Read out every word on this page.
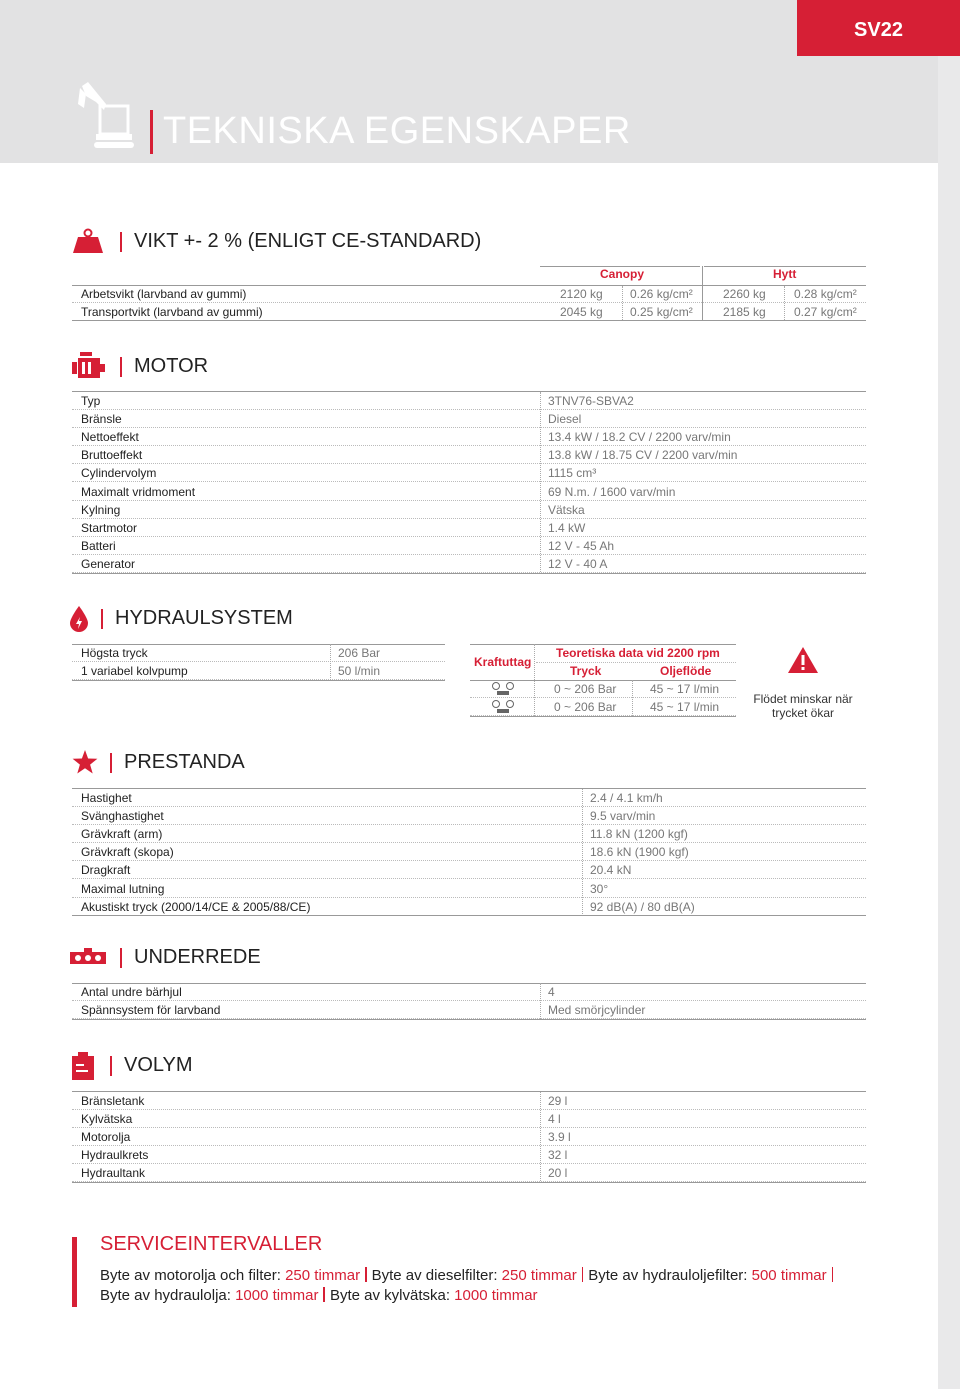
SV22
TEKNISKA EGENSKAPER
VIKT +- 2 % (ENLIGT CE-STANDARD)
Canopy	Hytt
Arbetsvikt (larvband av gummi)	2120 kg 0.26 kg/cm²	2260 kg 0.28 kg/cm²
Transportvikt (larvband av gummi)	2045 kg 0.25 kg/cm²	2185 kg 0.27 kg/cm²
MOTOR
Typ	3TNV76-SBVA2
Bränsle	Diesel
Nettoeffekt	13.4 kW / 18.2 CV / 2200 varv/min
Bruttoeffekt	13.8 kW / 18.75 CV / 2200 varv/min
Cylindervolym	1115 cm³
Maximalt vridmoment	69 N.m. / 1600 varv/min
Kylning	Vätska
Startmotor	1.4 kW
Batteri	12 V - 45 Ah
Generator	12 V - 40 A
HYDRAULSYSTEM
Högsta tryck	206 Bar
1 variabel kolvpump	50 l/min
Kraftuttag
Teoretiska data vid 2200 rpm
Tryck	Oljeflöde
0 ~ 206 Bar	45 ~ 17 l/min
0 ~ 206 Bar	45 ~ 17 l/min
Flödet minskar när
trycket ökar
PRESTANDA
Hastighet	2.4 / 4.1 km/h
Svänghastighet	9.5 varv/min
Grävkraft (arm)	11.8 kN (1200 kgf)
Grävkraft (skopa)	18.6 kN (1900 kgf)
Dragkraft	20.4 kN
Maximal lutning	30°
Akustiskt tryck (2000/14/CE & 2005/88/CE)	92 dB(A) / 80 dB(A)
UNDERREDE
Antal undre bärhjul	4
Spännsystem för larvband	Med smörjcylinder
VOLYM
Bränsletank	29 l
Kylvätska	4 l
Motorolja	3.9 l
Hydraulkrets	32 l
Hydraultank	20 l
SERVICEINTERVALLER
Byte av motorolja och filter: 250 timmar Byte av dieselfilter: 250 timmar Byte av hydrauloljefilter: 500 timmar
Byte av hydraulolja: 1000 timmar Byte av kylvätska: 1000 timmar
